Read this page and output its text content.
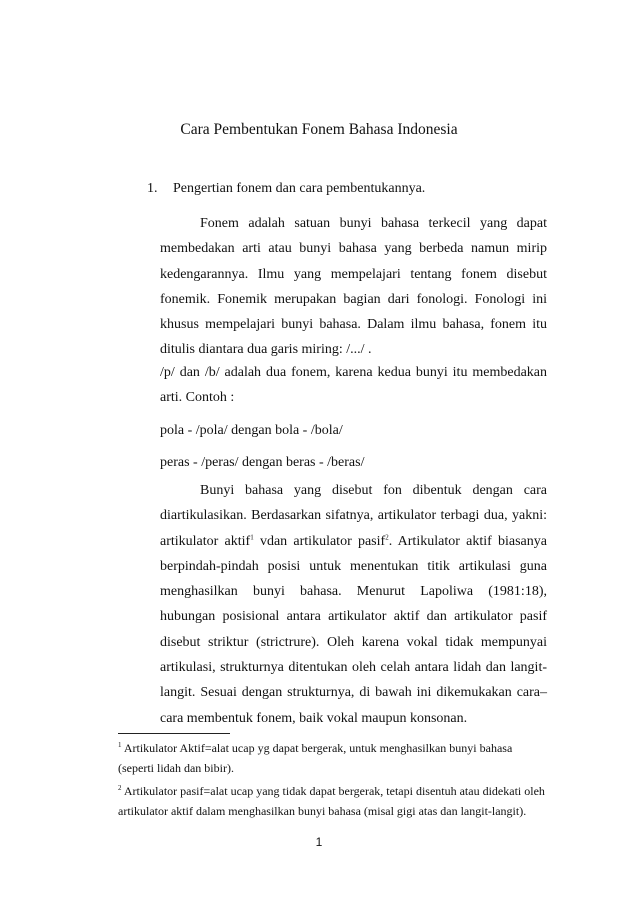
Cara Pembentukan Fonem Bahasa Indonesia
1. Pengertian fonem dan cara pembentukannya.

Fonem adalah satuan bunyi bahasa terkecil yang dapat membedakan arti atau bunyi bahasa yang berbeda namun mirip kedengarannya. Ilmu yang mempelajari tentang fonem disebut fonemik. Fonemik merupakan bagian dari fonologi. Fonologi ini khusus mempelajari bunyi bahasa. Dalam ilmu bahasa, fonem itu ditulis diantara dua garis miring: /.../ .

/p/ dan /b/ adalah dua fonem, karena kedua bunyi itu membedakan arti. Contoh :

pola - /pola/ dengan bola - /bola/

peras - /peras/ dengan beras - /beras/

Bunyi bahasa yang disebut fon dibentuk dengan cara diartikulasikan. Berdasarkan sifatnya, artikulator terbagi dua, yakni: artikulator aktif$^1$ vdan artikulator pasif$^2$. Artikulator aktif biasanya berpindah-pindah posisi untuk menentukan titik artikulasi guna menghasilkan bunyi bahasa. Menurut Lapoliwa (1981:18), hubungan posisional antara artikulator aktif dan artikulator pasif disebut striktur (strictrure). Oleh karena vokal tidak mempunyai artikulasi, strukturnya ditentukan oleh celah antara lidah dan langit-langit. Sesuai dengan strukturnya, di bawah ini dikemukakan cara–cara membentuk fonem, baik vokal maupun konsonan.

$^1$ Artikulator Aktif=alat ucap yg dapat bergerak, untuk menghasilkan bunyi bahasa (seperti lidah dan bibir).

$^2$ Artikulator pasif=alat ucap yang tidak dapat bergerak, tetapi disentuh atau didekati oleh artikulator aktif dalam menghasilkan bunyi bahasa (misal gigi atas dan langit-langit).

1
